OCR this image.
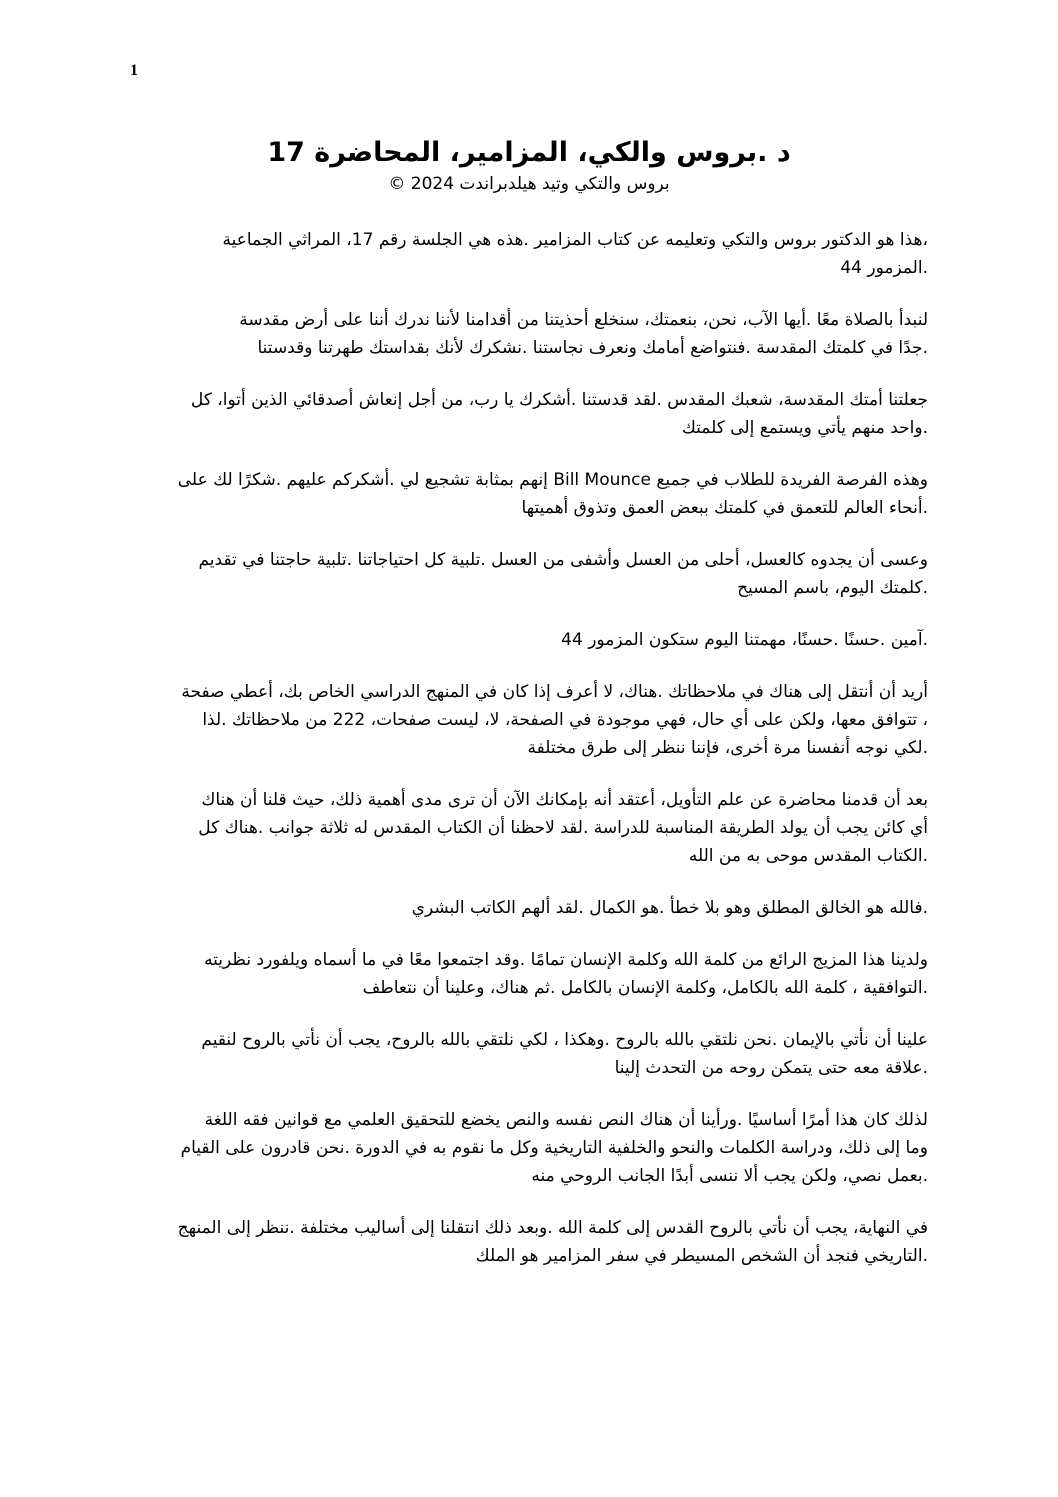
1
د .بروس والكي، المزامير، المحاضرة 17

بروس والتكي وتيد هيلدبراندت 2024 ©

،هذا هو الدكتور بروس والتكي وتعليمه عن كتاب المزامير .هذه هي الجلسة رقم 17، المراثي الجماعية
.المزمور 44

لنبدأ بالصلاة معًا .أيها الآب، نحن، بنعمتك، سنخلع أحذيتنا من أقدامنا لأننا ندرك أننا على أرض مقدسة
.جدًا في كلمتك المقدسة .فنتواضع أمامك ونعرف نجاستنا .نشكرك لأنك بقداستك طهرتنا وقدستنا

جعلتنا أمتك المقدسة، شعبك المقدس .لقد قدستنا .أشكرك يا رب، من أجل إنعاش أصدقائي الذين أتوا، كل
.واحد منهم يأتي ويستمع إلى كلمتك

وهذه الفرصة الفريدة للطلاب في جميع Bill Mounce إنهم بمثابة تشجيع لي .أشكركم عليهم .شكرًا لك على
.أنحاء العالم للتعمق في كلمتك ببعض العمق وتذوق أهميتها

وعسى أن يجدوه كالعسل، أحلى من العسل وأشفى من العسل .تلبية كل احتياجاتنا .تلبية حاجتنا في تقديم
.كلمتك اليوم، باسم المسيح

.آمين .حسنًا .حسنًا، مهمتنا اليوم ستكون المزمور 44

أريد أن أنتقل إلى هناك في ملاحظاتك .هناك، لا أعرف إذا كان في المنهج الدراسي الخاص بك، أعطي صفحة
، تتوافق معها، ولكن على أي حال، فهي موجودة في الصفحة، لا، ليست صفحات، 222 من ملاحظاتك .لذا
.لكي نوجه أنفسنا مرة أخرى، فإننا ننظر إلى طرق مختلفة

بعد أن قدمنا محاضرة عن علم التأويل، أعتقد أنه بإمكانك الآن أن ترى مدى أهمية ذلك، حيث قلنا أن هناك
أي كائن يجب أن يولد الطريقة المناسبة للدراسة .لقد لاحظنا أن الكتاب المقدس له ثلاثة جوانب .هناك كل
.الكتاب المقدس موحى به من الله

.فالله هو الخالق المطلق وهو بلا خطأ .هو الكمال .لقد ألهم الكاتب البشري

ولدينا هذا المزيج الرائع من كلمة الله وكلمة الإنسان تمامًا .وقد اجتمعوا معًا في ما أسماه ويلفورد نظريته
.التوافقية ، كلمة الله بالكامل، وكلمة الإنسان بالكامل .ثم هناك، وعلينا أن نتعاطف

علينا أن نأتي بالإيمان .نحن نلتقي بالله بالروح .وهكذا ، لكي نلتقي بالله بالروح، يجب أن نأتي بالروح لنقيم
.علاقة معه حتى يتمكن روحه من التحدث إلينا

لذلك كان هذا أمرًا أساسيًا .ورأينا أن هناك النص نفسه والنص يخضع للتحقيق العلمي مع قوانين فقه اللغة
وما إلى ذلك، ودراسة الكلمات والنحو والخلفية التاريخية وكل ما نقوم به في الدورة .نحن قادرون على القيام
.بعمل نصي، ولكن يجب ألا ننسى أبدًا الجانب الروحي منه

في النهاية، يجب أن نأتي بالروح القدس إلى كلمة الله .وبعد ذلك انتقلنا إلى أساليب مختلفة .ننظر إلى المنهج
.التاريخي فنجد أن الشخص المسيطر في سفر المزامير هو الملك
